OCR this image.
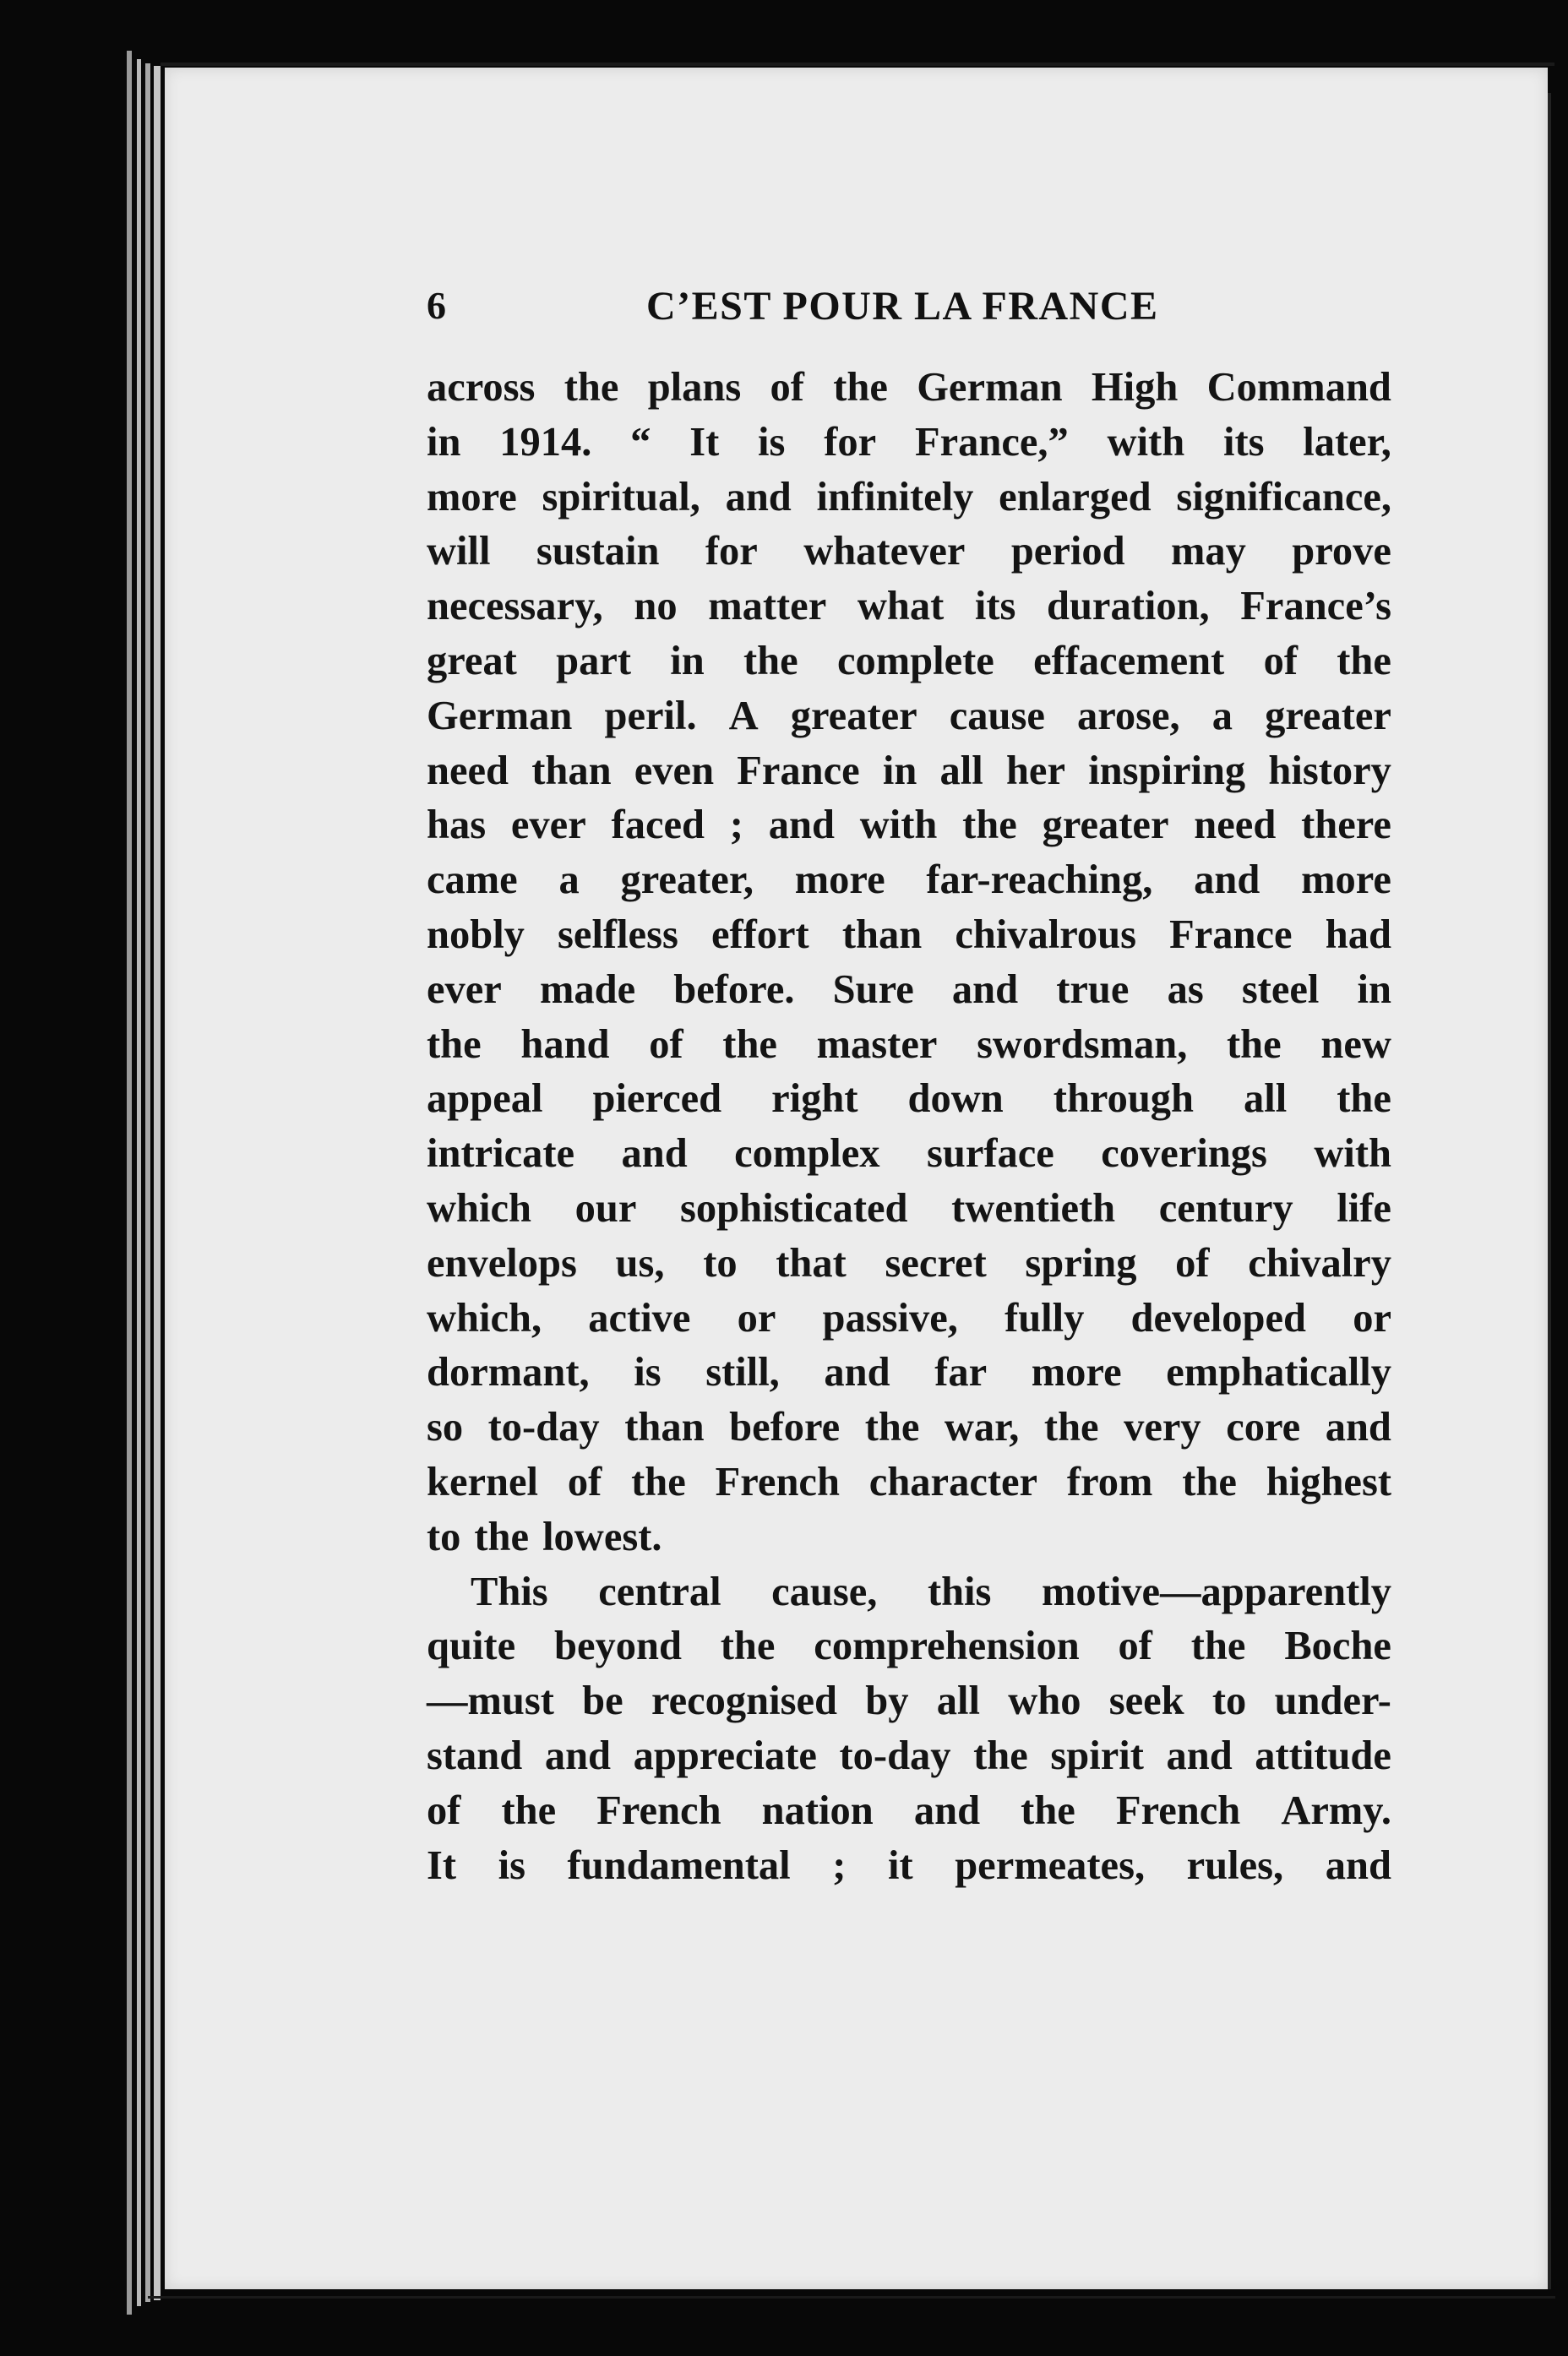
6	C’EST POUR LA FRANCE
across the plans of the German High Command
in 1914. “ It is for France,” with its later,
more spiritual, and infinitely enlarged significance,
will sustain for whatever period may prove
necessary, no matter what its duration, France’s
great part in the complete effacement of the
German peril. A greater cause arose, a greater
need than even France in all her inspiring history
has ever faced ; and with the greater need there
came a greater, more far-reaching, and more
nobly selfless effort than chivalrous France had
ever made before. Sure and true as steel in
the hand of the master swordsman, the new
appeal pierced right down through all the
intricate and complex surface coverings with
which our sophisticated twentieth century life
envelops us, to that secret spring of chivalry
which, active or passive, fully developed or
dormant, is still, and far more emphatically
so to-day than before the war, the very core and
kernel of the French character from the highest
to the lowest.
This central cause, this motive—apparently
quite beyond the comprehension of the Boche
—must be recognised by all who seek to under-
stand and appreciate to-day the spirit and attitude
of the French nation and the French Army.
It is fundamental ; it permeates, rules, and
